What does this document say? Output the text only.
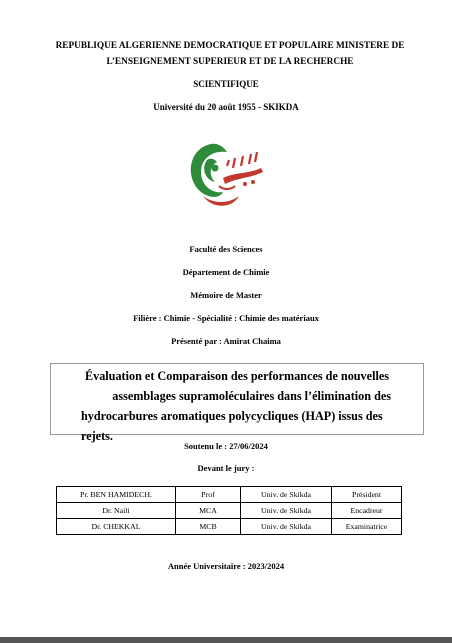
REPUBLIQUE ALGERIENNE DEMOCRATIQUE ET POPULAIRE MINISTERE DE L’ENSEIGNEMENT SUPERIEUR ET DE LA RECHERCHE
SCIENTIFIQUE
Université du 20 août 1955 - SKIKDA
Faculté des Sciences
Département de Chimie
Mémoire de Master
Filière : Chimie - Spécialité : Chimie des matériaux
Présenté par : Amirat Chaima
Évaluation et Comparaison des performances de nouvelles
assemblages supramoléculaires dans l’élimination des
hydrocarbures aromatiques polycycliques (HAP) issus des rejets.
Soutenu le : 27/06/2024
Devant le jury :
Pr. BEN HAMIDECH.	Prof	Univ. de Skikda	Président
Dr. Naili	MCA	Univ. de Skikda	Encadreur
Dr. CHEKKAL	MCB	Univ. de Skikda	Examinatrice
Année Universitaire : 2023/2024
